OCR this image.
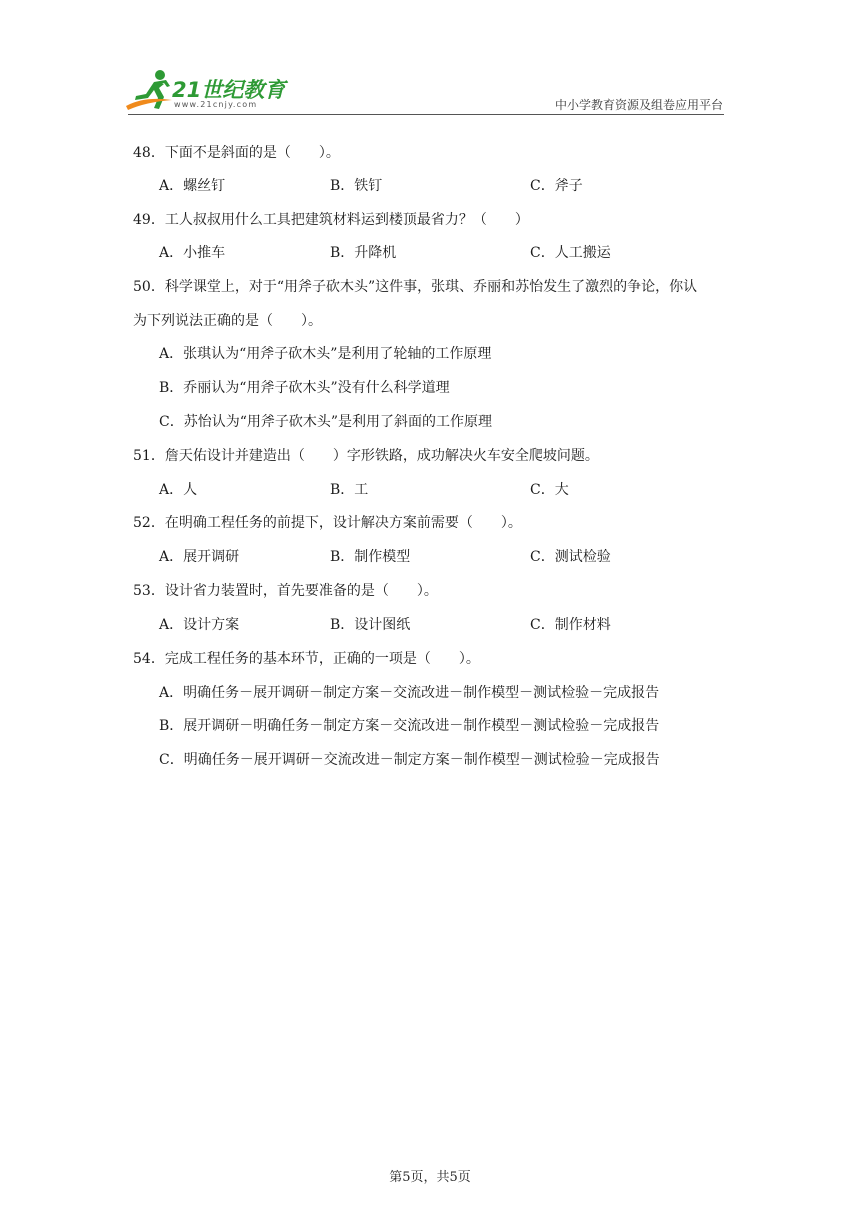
21世纪教育
www.21cnjy.com	中小学教育资源及组卷应用平台
48．下面不是斜面的是（　　）。
A．螺丝钉	B．铁钉	C．斧子
49．工人叔叔用什么工具把建筑材料运到楼顶最省力？（　　）
A．小推车	B．升降机	C．人工搬运
50．科学课堂上，对于“用斧子砍木头”这件事，张琪、乔丽和苏怡发生了激烈的争论，你认
为下列说法正确的是（　　）。
A．张琪认为“用斧子砍木头”是利用了轮轴的工作原理
B．乔丽认为“用斧子砍木头”没有什么科学道理
C．苏怡认为“用斧子砍木头”是利用了斜面的工作原理
51．詹天佑设计并建造出（　　）字形铁路，成功解决火车安全爬坡问题。
A．人	B．工	C．大
52．在明确工程任务的前提下，设计解决方案前需要（　　）。
A．展开调研	B．制作模型	C．测试检验
53．设计省力装置时，首先要准备的是（　　）。
A．设计方案	B．设计图纸	C．制作材料
54．完成工程任务的基本环节，正确的一项是（　　）。
A．明确任务－展开调研－制定方案－交流改进－制作模型－测试检验－完成报告
B．展开调研－明确任务－制定方案－交流改进－制作模型－测试检验－完成报告
C．明确任务－展开调研－交流改进－制定方案－制作模型－测试检验－完成报告
第5页，共5页
